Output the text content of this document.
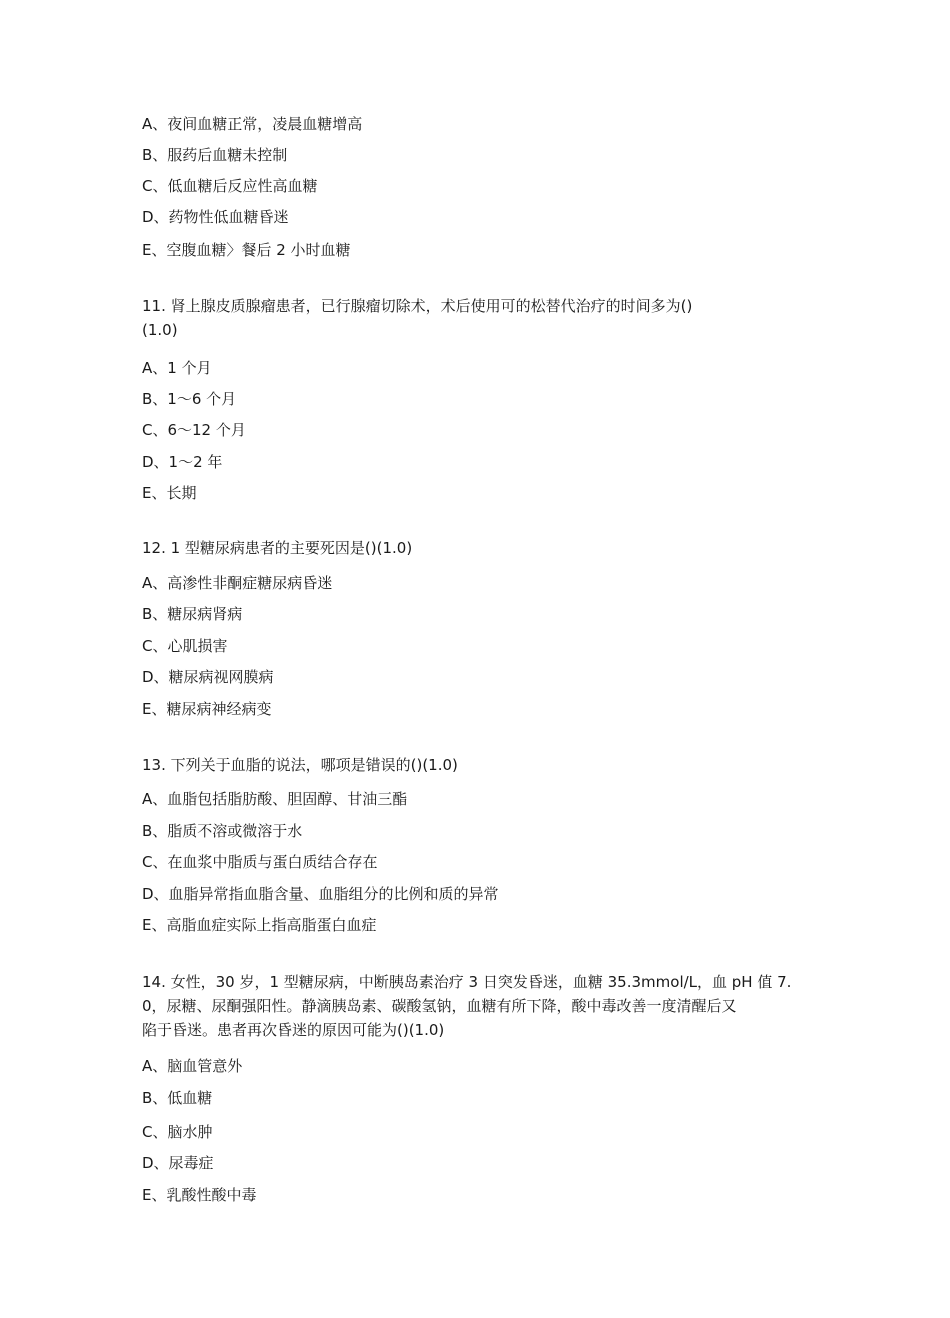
A、夜间血糖正常，凌晨血糖增高
B、服药后血糖未控制
C、低血糖后反应性高血糖
D、药物性低血糖昏迷
E、空腹血糖〉餐后 2 小时血糖
11. 肾上腺皮质腺瘤患者，已行腺瘤切除术，术后使用可的松替代治疗的时间多为()
(1.0)
A、1 个月
B、1〜6 个月
C、6〜12 个月
D、1〜2 年
E、长期
12. 1 型糖尿病患者的主要死因是()(1.0)
A、高渗性非酮症糖尿病昏迷
B、糖尿病肾病
C、心肌损害
D、糖尿病视网膜病
E、糖尿病神经病变
13. 下列关于血脂的说法，哪项是错误的()(1.0)
A、血脂包括脂肪酸、胆固醇、甘油三酯
B、脂质不溶或微溶于水
C、在血浆中脂质与蛋白质结合存在
D、血脂异常指血脂含量、血脂组分的比例和质的异常
E、高脂血症实际上指高脂蛋白血症
14. 女性，30 岁，1 型糖尿病，中断胰岛素治疗 3 日突发昏迷，血糖 35.3mmol/L，血 pH 值 7.
0，尿糖、尿酮强阳性。静滴胰岛素、碳酸氢钠，血糖有所下降，酸中毒改善一度清醒后又
陷于昏迷。患者再次昏迷的原因可能为()(1.0)
A、脑血管意外
B、低血糖
C、脑水肿
D、尿毒症
E、乳酸性酸中毒
